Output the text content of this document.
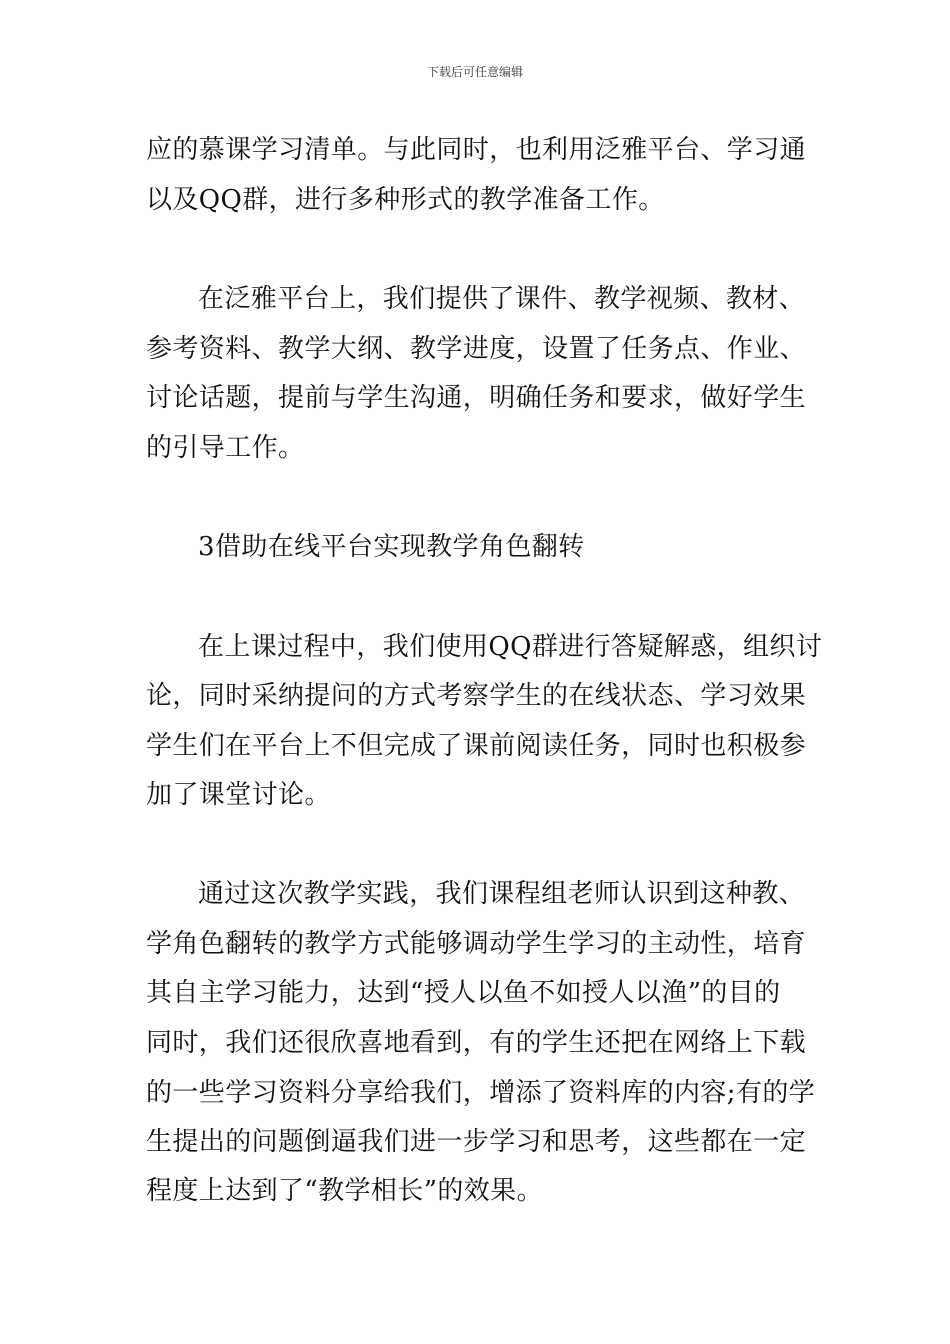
下载后可任意编辑
应的慕课学习清单。与此同时，也利用泛雅平台、学习通
以及QQ群，进行多种形式的教学准备工作。
在泛雅平台上，我们提供了课件、教学视频、教材、
参考资料、教学大纲、教学进度，设置了任务点、作业、
讨论话题，提前与学生沟通，明确任务和要求，做好学生
的引导工作。
3借助在线平台实现教学角色翻转
在上课过程中，我们使用QQ群进行答疑解惑，组织讨
论，同时采纳提问的方式考察学生的在线状态、学习效果
学生们在平台上不但完成了课前阅读任务，同时也积极参
加了课堂讨论。
通过这次教学实践，我们课程组老师认识到这种教、
学角色翻转的教学方式能够调动学生学习的主动性，培育
其自主学习能力，达到“授人以鱼不如授人以渔”的目的
同时，我们还很欣喜地看到，有的学生还把在网络上下载
的一些学习资料分享给我们，增添了资料库的内容;有的学
生提出的问题倒逼我们进一步学习和思考，这些都在一定
程度上达到了“教学相长”的效果。
